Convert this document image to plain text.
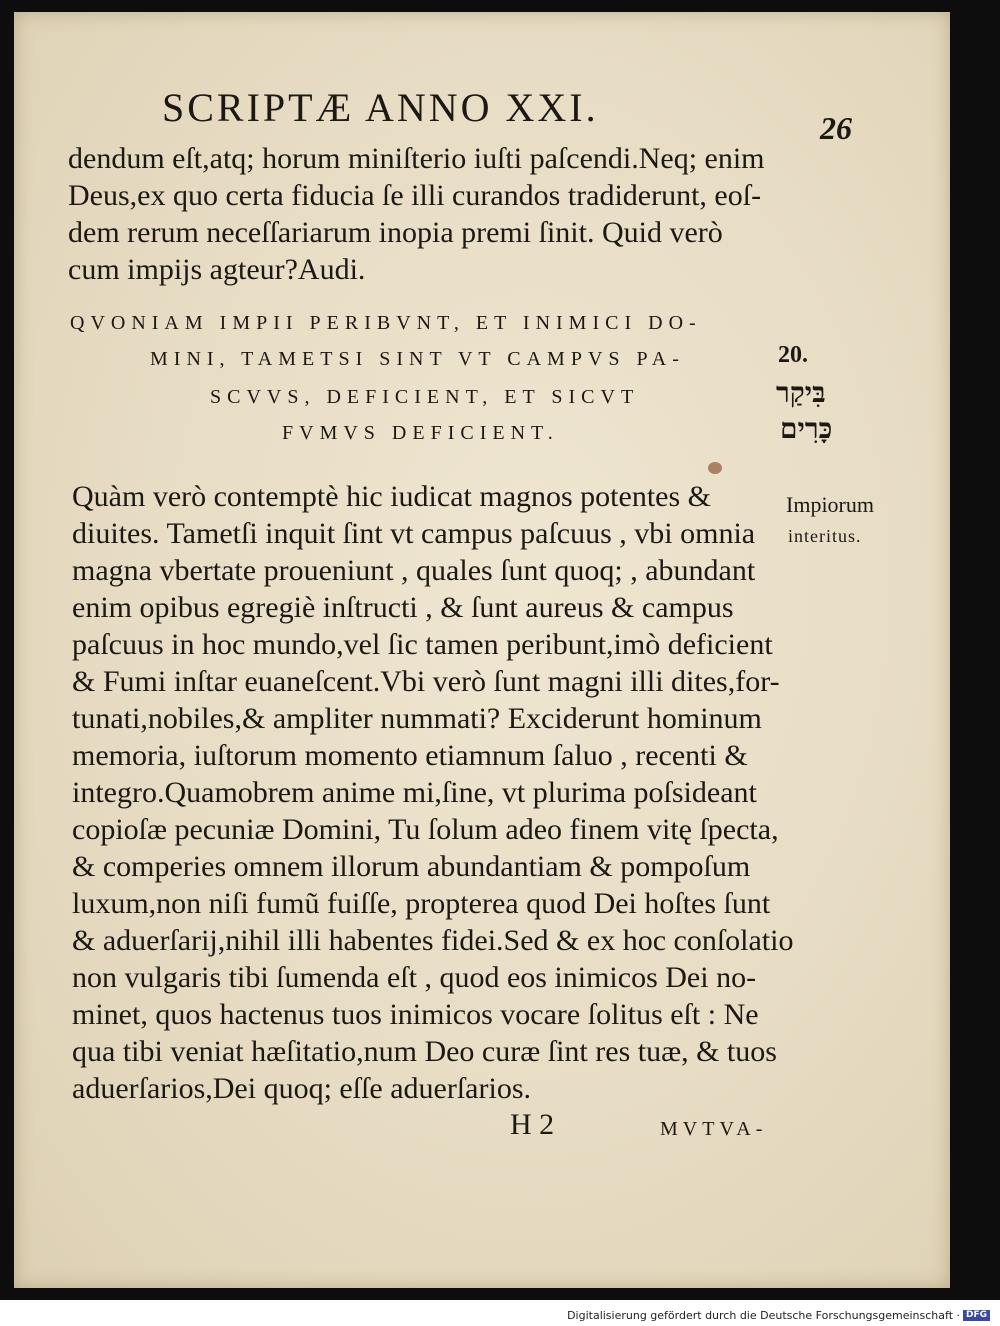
SCRIPTÆ ANNO XXI.	26

dendum eſt,atq; horum miniſterio iuſti paſcendi.Neq; enim

Deus,ex quo certa fiducia ſe illi curandos tradiderunt, eoſ-

dem rerum neceſſariarum inopia premi ſinit. Quid verò

cum impijs agteur?Audi.

QVONIAM IMPII PERIBVNT, ET INIMICI DO-

MINI, TAMETSI SINT VT CAMPVS PA-

SCVVS, DEFICIENT, ET SICVT

FVMVS DEFICIENT.

20.

בִּיקַר

כָּרִים

Impiorum

interitus.

Quàm verò contemptè hic iudicat magnos potentes &

diuites. Tametſi inquit ſint vt campus paſcuus , vbi omnia

magna vbertate proueniunt , quales ſunt quoq; , abundant

enim opibus egregiè inſtructi , & ſunt aureus & campus

paſcuus in hoc mundo,vel ſic tamen peribunt,imò deficient

& Fumi inſtar euaneſcent.Vbi verò ſunt magni illi dites,for-

tunati,nobiles,& ampliter nummati? Exciderunt hominum

memoria, iuſtorum momento etiamnum ſaluo , recenti &

integro.Quamobrem anime mi,ſine, vt plurima poſsideant

copioſæ pecuniæ Domini, Tu ſolum adeo finem vitę ſpecta,

& comperies omnem illorum abundantiam & pompoſum

luxum,non niſi fumũ fuiſſe, propterea quod Dei hoſtes ſunt

& aduerſarij,nihil illi habentes fidei.Sed & ex hoc conſolatio

non vulgaris tibi ſumenda eſt , quod eos inimicos Dei no-

minet, quos hactenus tuos inimicos vocare ſolitus eſt : Ne

qua tibi veniat hæſitatio,num Deo curæ ſint res tuæ, & tuos

aduerſarios,Dei quoq; eſſe aduerſarios.

H 2	MVTVA-

Digitalisierung gefördert durch die Deutsche Forschungsgemeinschaft · DFG
